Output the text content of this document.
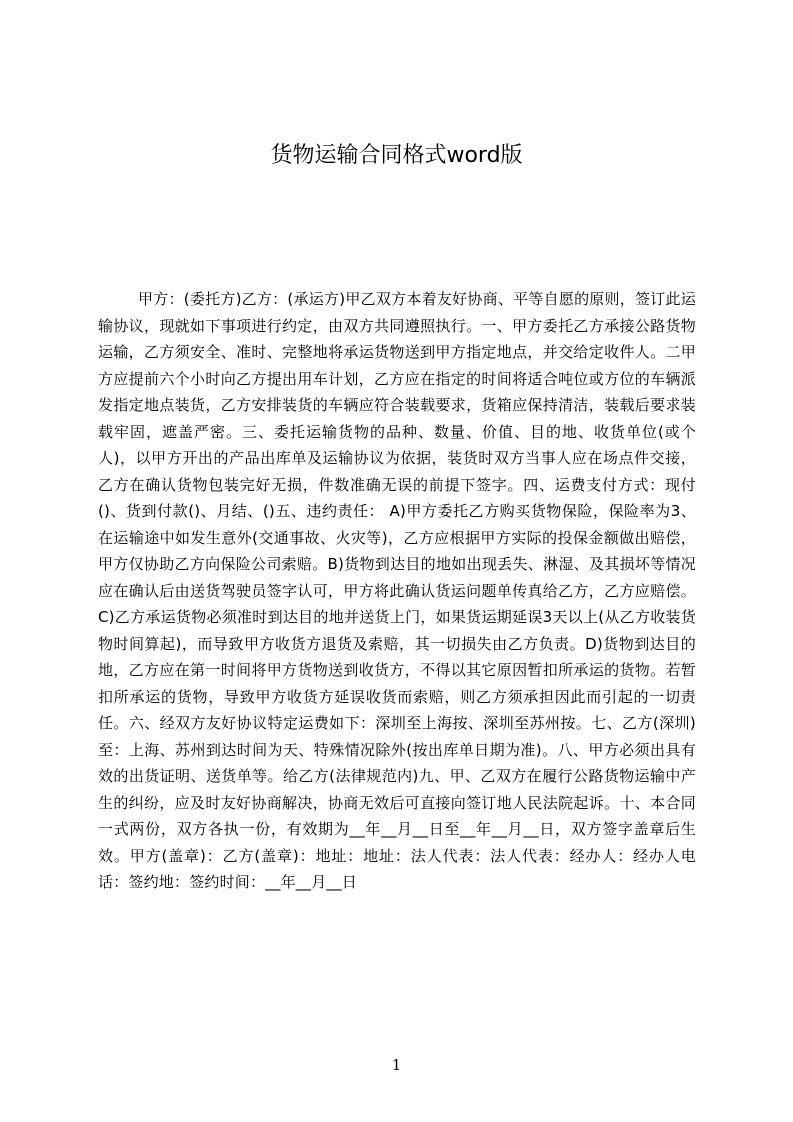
货物运输合同格式word版

甲方：(委托方)乙方：(承运方)甲乙双方本着友好协商、平等自愿的原则，签订此运输协议，现就如下事项进行约定，由双方共同遵照执行。一、甲方委托乙方承接公路货物运输，乙方须安全、准时、完整地将承运货物送到甲方指定地点，并交给定收件人。二甲方应提前六个小时向乙方提出用车计划，乙方应在指定的时间将适合吨位或方位的车辆派发指定地点装货，乙方安排装货的车辆应符合装载要求，货箱应保持清洁，装载后要求装载牢固，遮盖严密。三、委托运输货物的品种、数量、价值、目的地、收货单位(或个人)，以甲方开出的产品出库单及运输协议为依据，装货时双方当事人应在场点件交接，乙方在确认货物包装完好无损，件数准确无误的前提下签字。四、运费支付方式：现付()、货到付款()、月结、()五、违约责任： A)甲方委托乙方购买货物保险，保险率为3、在运输途中如发生意外(交通事故、火灾等)，乙方应根据甲方实际的投保金额做出赔偿，甲方仅协助乙方向保险公司索赔。B)货物到达目的地如出现丢失、淋湿、及其损坏等情况应在确认后由送货驾驶员签字认可，甲方将此确认货运问题单传真给乙方，乙方应赔偿。C)乙方承运货物必须准时到达目的地并送货上门，如果货运期延误3天以上(从乙方收装货物时间算起)，而导致甲方收货方退货及索赔，其一切损失由乙方负责。D)货物到达目的地，乙方应在第一时间将甲方货物送到收货方，不得以其它原因暂扣所承运的货物。若暂扣所承运的货物，导致甲方收货方延误收货而索赔，则乙方须承担因此而引起的一切责任。六、经双方友好协议特定运费如下：深圳至上海按、深圳至苏州按。七、乙方(深圳)至：上海、苏州到达时间为天、特殊情况除外(按出库单日期为准)。八、甲方必须出具有效的出货证明、送货单等。给乙方(法律规范内)九、甲、乙双方在履行公路货物运输中产生的纠纷，应及时友好协商解决，协商无效后可直接向签订地人民法院起诉。十、本合同一式两份，双方各执一份，有效期为__年__月__日至__年__月__日，双方签字盖章后生效。甲方(盖章)：乙方(盖章)：地址：地址：法人代表：法人代表：经办人：经办人电话：签约地：签约时间：__年__月__日

1
